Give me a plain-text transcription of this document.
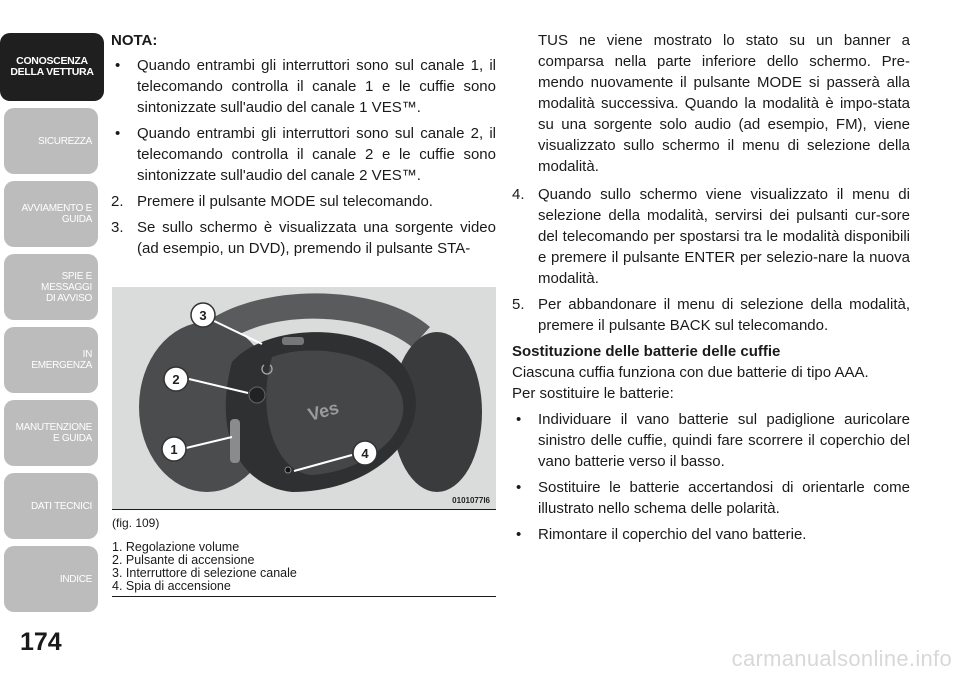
CONOSCENZA
DELLA VETTURA
SICUREZZA
AVVIAMENTO E
GUIDA
SPIE E
MESSAGGI
DI AVVISO
IN
EMERGENZA
MANUTENZIONE
E GUIDA
DATI TECNICI
INDICE
174
NOTA:
• Quando entrambi gli interruttori sono sul canale 1, il telecomando controlla il canale 1 e le cuffie sono sintonizzate sull'audio del canale 1 VES™.
• Quando entrambi gli interruttori sono sul canale 2, il telecomando controlla il canale 2 e le cuffie sono sintonizzate sull'audio del canale 2 VES™.
2. Premere il pulsante MODE sul telecomando.
3. Se sullo schermo è visualizzata una sorgente video (ad esempio, un DVD), premendo il pulsante STA-
Ves
3
2
1	4
0101077l6
(fig. 109)
1. Regolazione volume
2. Pulsante di accensione
3. Interruttore di selezione canale
4. Spia di accensione
TUS ne viene mostrato lo stato su un banner a comparsa nella parte inferiore dello schermo. Pre-mendo nuovamente il pulsante MODE si passerà alla modalità successiva. Quando la modalità è impo-stata su una sorgente solo audio (ad esempio, FM), viene visualizzato sullo schermo il menu di selezione della modalità.
4. Quando sullo schermo viene visualizzato il menu di selezione della modalità, servirsi dei pulsanti cur-sore del telecomando per spostarsi tra le modalità disponibili e premere il pulsante ENTER per selezio-nare la nuova modalità.
5. Per abbandonare il menu di selezione della modalità, premere il pulsante BACK sul telecomando.
Sostituzione delle batterie delle cuffie

Ciascuna cuffia funziona con due batterie di tipo AAA.

Per sostituire le batterie:

• Individuare il vano batterie sul padiglione auricolare sinistro delle cuffie, quindi fare scorrere il coperchio del vano batterie verso il basso.
• Sostituire le batterie accertandosi di orientarle come illustrato nello schema delle polarità.
• Rimontare il coperchio del vano batterie.
carmanualsonline.info
